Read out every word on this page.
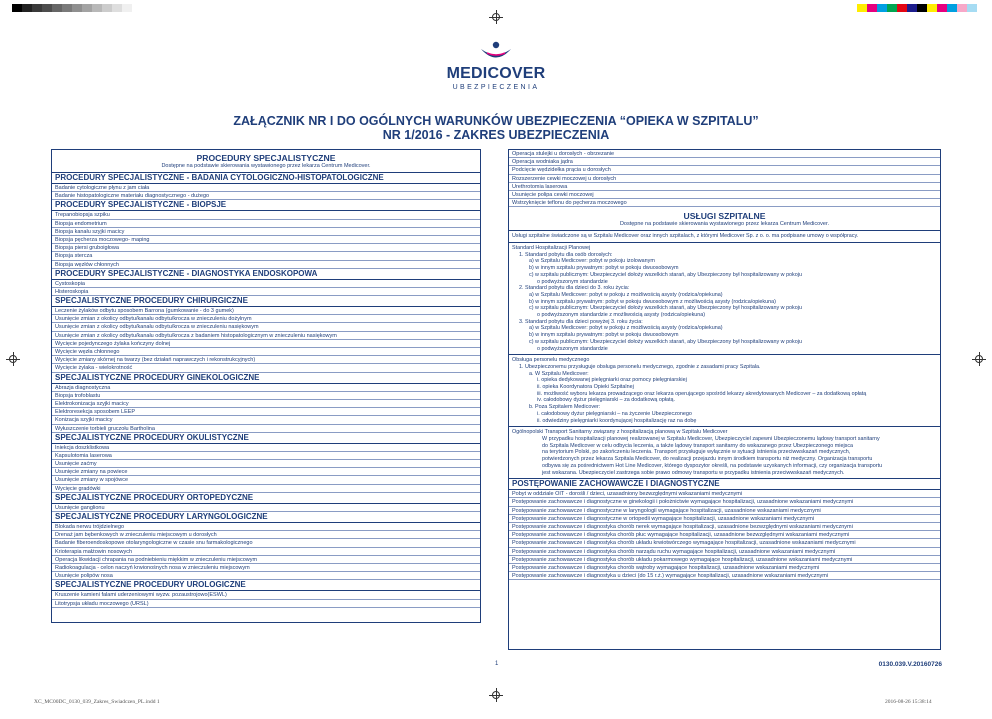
MEDICOVER
UBEZPIECZENIA
ZAŁĄCZNIK NR I DO OGÓLNYCH WARUNKÓW UBEZPIECZENIA “OPIEKA W SZPITALU”
NR 1/2016 - ZAKRES UBEZPIECZENIA
PROCEDURY SPECJALISTYCZNE
Dostępne na podstawie skierowania wystawionego przez lekarza Centrum Medicover.
PROCEDURY SPECJALISTYCZNE - BADANIA CYTOLOGICZNO-HISTOPATOLOGICZNE
Badanie cytologiczne płynu z jam ciała
Badanie histopatologiczne materiału diagnostycznego - dużego
PROCEDURY SPECJALISTYCZNE - BIOPSJE
Trepanobiopsja szpiku
Biopsja endometrium
Biopsja kanału szyjki macicy
Biopsja pęcherza moczowego- maping
Biopsja piersi gruboigłowa
Biopsja stercza
Biopsja węzłów chłonnych
PROCEDURY SPECJALISTYCZNE - DIAGNOSTYKA ENDOSKOPOWA
Cystoskopia
Histeroskopia
SPECJALISTYCZNE PROCEDURY CHIRURGICZNE
Leczenie żylaków odbytu sposobem Barrona (gumkowanie - do 3 gumek)
Usunięcie zmian z okolicy odbytu/kanału odbytu/krocza w znieczuleniu dożylnym
Usunięcie zmian z okolicy odbytu/kanału odbytu/krocza w znieczuleniu nasiękowym
Usunięcie zmian z okolicy odbytu/kanału odbytu/krocza z badaniem histopatologicznym w znieczuleniu nasiękowym
Wycięcie pojedynczego żylaka kończyny dolnej
Wycięcie węzła chłonnego
Wycięcie zmiany skórnej na twarzy (bez działań naprawczych i rekonstrukcyjnych)
Wycięcie żylaka - wielokrotność
SPECJALISTYCZNE PROCEDURY GINEKOLOGICZNE
Abrazja diagnostyczna
Biopsja trofoblastu
Elektrokonizacja szyjki macicy
Elektroresekcja sposobem LEEP
Konizacja szyjki macicy
Wyłuszczenie torbieli gruczołu Bartholina
SPECJALISTYCZNE PROCEDURY OKULISTYCZNE
Iniekcja doszklistkowa
Kapsulotomia laserowa
Usunięcie zaćmy
Usunięcie zmiany na powiece
Usunięcie zmiany w spojówce
Wycięcie gradówki
SPECJALISTYCZNE PROCEDURY ORTOPEDYCZNE
Usunięcie ganglionu
SPECJALISTYCZNE PROCEDURY LARYNGOLOGICZNE
Blokada nerwu trójdzielnego
Drenaż jam bębenkowych w znieczuleniu miejscowym u dorosłych
Badanie fiberoendoskopowe otolaryngologiczne w czasie snu farmakologicznego
Krioterapia małżowin nosowych
Operacja likwidacji chrapania na podniebieniu miękkim w znieczuleniu miejscowym
Radiokoagulacja - celon naczyń krwionośnych nosa w znieczuleniu miejscowym
Usunięcie polipów nosa
SPECJALISTYCZNE PROCEDURY UROLOGICZNE
Kruszenie kamieni falami uderzeniowymi wyzw. pozaustrojowo(ESWL)
Litotrypsja układu moczowego (URSL)
Operacja stulejki u dorosłych - obrzezanie
Operacja wodniaka jądra
Podcięcie wędzidełka prącia u dorosłych
Rozszerzenie cewki moczowej u dorosłych
Urethrotomia laserowa
Usunięcie polipa cewki moczowej
Wstrzyknięcie teflonu do pęcherza moczowego
USŁUGI SZPITALNE
Dostępne na podstawie skierowania wystawionego przez lekarza Centrum Medicover.
Usługi szpitalne świadczone są w Szpitalu Medicover oraz innych szpitalach, z którymi Medicover Sp. z o. o. ma podpisane umowy o współpracy.
Standard Hospitalizacji Planowej
1. Standard pobytu dla osób dorosłych:
a) w Szpitalu Medicover: pobyt w pokoju izolowanym
b) w innym szpitalu prywatnym: pobyt w pokoju dwuosobowym
c) w szpitalu publicznym: Ubezpieczyciel dołoży wszelkich starań, aby Ubezpieczony był hospitalizowany w pokoju
o podwyższonym standardzie
2. Standard pobytu dla dzieci do 3. roku życia:
a) w Szpitalu Medicover: pobyt w pokoju z możliwością asysty (rodzica/opiekuna)
b) w innym szpitalu prywatnym: pobyt w pokoju dwuosobowym z możliwością asysty (rodzica/opiekuna)
c) w szpitalu publicznym: Ubezpieczyciel dołoży wszelkich starań, aby Ubezpieczony był hospitalizowany w pokoju
o podwyższonym standardzie z możliwością asysty (rodzica/opiekuna)
3. Standard pobytu dla dzieci powyżej 3. roku życia:
a) w Szpitalu Medicover: pobyt w pokoju z możliwością asysty (rodzica/opiekuna)
b) w innym szpitalu prywatnym: pobyt w pokoju dwuosobowym
c) w szpitalu publicznym: Ubezpieczyciel dołoży wszelkich starań, aby Ubezpieczony był hospitalizowany w pokoju
o podwyższonym standardzie
Obsługa personelu medycznego
1. Ubezpieczonemu przysługuje obsługa personelu medycznego, zgodnie z zasadami pracy Szpitala.
a. W Szpitalu Medicover:
i. opieka dedykowanej pielęgniarki oraz pomocy pielęgniarskiej
ii. opieka Koordynatora Opieki Szpitalnej
iii. możliwość wyboru lekarza prowadzącego oraz lekarza operującego spośród lekarzy akredytowanych Medicover – za dodatkową opłatą
iv. całodobowy dyżur pielęgniarski – za dodatkową opłatą.
b. Poza Szpitalem Medicover:
i. całodobowy dyżur pielęgniarski – na życzenie Ubezpieczonego
ii. odwiedziny pielęgniarki koordynującej hospitalizację raz na dobę
Ogólnopolski Transport Sanitarny związany z hospitalizacją planową w Szpitalu Medicover
W przypadku hospitalizacji planowej realizowanej w Szpitalu Medicover, Ubezpieczyciel zapewni Ubezpieczonemu lądowy transport sanitarny
do Szpitala Medicover w celu odbycia leczenia, a także lądowy transport sanitarny do wskazanego przez Ubezpieczonego miejsca
na terytorium Polski, po zakończeniu leczenia. Transport przysługuje wyłącznie w sytuacji istnienia przeciwwskazań medycznych,
potwierdzonych przez lekarza Szpitala Medicover, do realizacji przejazdu innym środkiem transportu niż medyczny. Organizacja transportu
odbywa się za pośrednictwem Hot Line Medicover, którego dyspozytor określi, na podstawie uzyskanych informacji, czy organizacja transportu
jest wskazana. Ubezpieczyciel zastrzega sobie prawo odmowy transportu w przypadku istnienia przeciwwskazań medycznych.
POSTĘPOWANIE ZACHOWAWCZE I DIAGNOSTYCZNE
Pobyt w oddziale OIT - dorośli / dzieci, uzasadniony bezwzględnymi wskazaniami medycznymi
Postępowanie zachowawcze i diagnostyczne w ginekologii i położnictwie wymagające hospitalizacji, uzasadnione wskazaniami medycznymi
Postępowanie zachowawcze i diagnostyczne w laryngologii wymagające hospitalizacji, uzasadnione wskazaniami medycznymi
Postępowanie zachowawcze i diagnostyczne w ortopedii wymagające hospitalizacji, uzasadnione wskazaniami medycznymi
Postępowanie zachowawcze i diagnostyka chorób nerek wymagające hospitalizacji, uzasadnione bezwzględnymi wskazaniami medycznymi
Postępowanie zachowawcze i diagnostyka chorób płuc wymagające hospitalizacji, uzasadnione bezwzględnymi wskazaniami medycznymi
Postępowanie zachowawcze i diagnostyka chorób układu krwiotwórczego wymagające hospitalizacji, uzasadnione wskazaniami medycznymi
Postępowanie zachowawcze i diagnostyka chorób narządu ruchu wymagające hospitalizacji, uzasadnione wskazaniami medycznymi
Postępowanie zachowawcze i diagnostyka chorób układu pokarmowego wymagające hospitalizacji, uzasadnione wskazaniami medycznymi
Postępowanie zachowawcze i diagnostyka chorób wątroby wymagające hospitalizacji, uzasadnione wskazaniami medycznymi
Postępowanie zachowawcze i diagnostyka u dzieci (do 15 r.ż.) wymagające hospitalizacji, uzasadnione wskazaniami medycznymi
1	0130.039.V.20160726
XC_MC00DC_0130_039_Zakres_Swiadczen_PL.indd 1	2016-08-26 15:38:14
